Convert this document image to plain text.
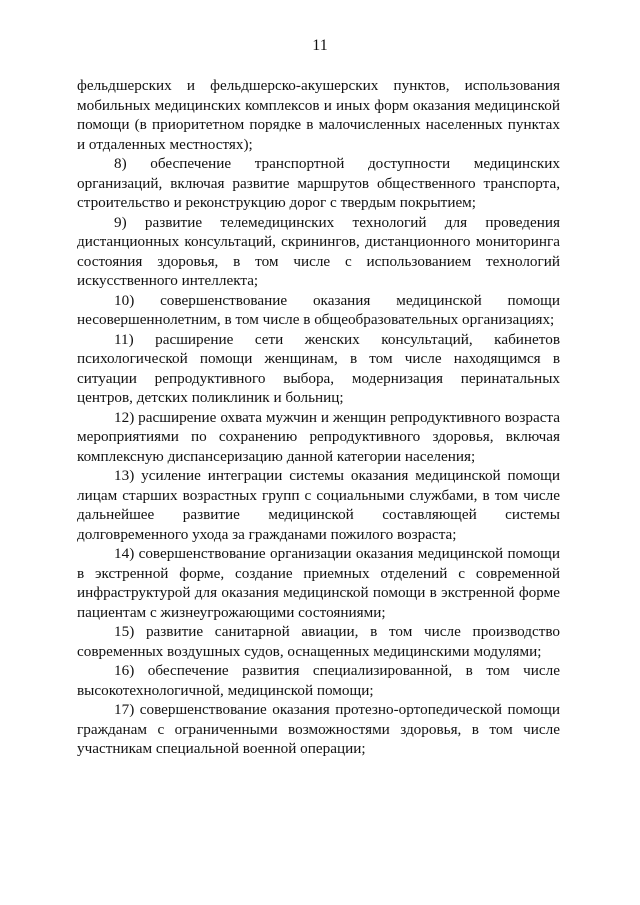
11

фельдшерских и фельдшерско-акушерских пунктов, использования мобильных медицинских комплексов и иных форм оказания медицинской помощи (в приоритетном порядке в малочисленных населенных пунктах и отдаленных местностях);

8) обеспечение транспортной доступности медицинских организаций, включая развитие маршрутов общественного транспорта, строительство и реконструкцию дорог с твердым покрытием;

9) развитие телемедицинских технологий для проведения дистанционных консультаций, скринингов, дистанционного мониторинга состояния здоровья, в том числе с использованием технологий искусственного интеллекта;

10) совершенствование оказания медицинской помощи несовершеннолетним, в том числе в общеобразовательных организациях;

11) расширение сети женских консультаций, кабинетов психологической помощи женщинам, в том числе находящимся в ситуации репродуктивного выбора, модернизация перинатальных центров, детских поликлиник и больниц;

12) расширение охвата мужчин и женщин репродуктивного возраста мероприятиями по сохранению репродуктивного здоровья, включая комплексную диспансеризацию данной категории населения;

13) усиление интеграции системы оказания медицинской помощи лицам старших возрастных групп с социальными службами, в том числе дальнейшее развитие медицинской составляющей системы долговременного ухода за гражданами пожилого возраста;

14) совершенствование организации оказания медицинской помощи в экстренной форме, создание приемных отделений с современной инфраструктурой для оказания медицинской помощи в экстренной форме пациентам с жизнеугрожающими состояниями;

15) развитие санитарной авиации, в том числе производство современных воздушных судов, оснащенных медицинскими модулями;

16) обеспечение развития специализированной, в том числе высокотехнологичной, медицинской помощи;

17) совершенствование оказания протезно-ортопедической помощи гражданам с ограниченными возможностями здоровья, в том числе участникам специальной военной операции;
